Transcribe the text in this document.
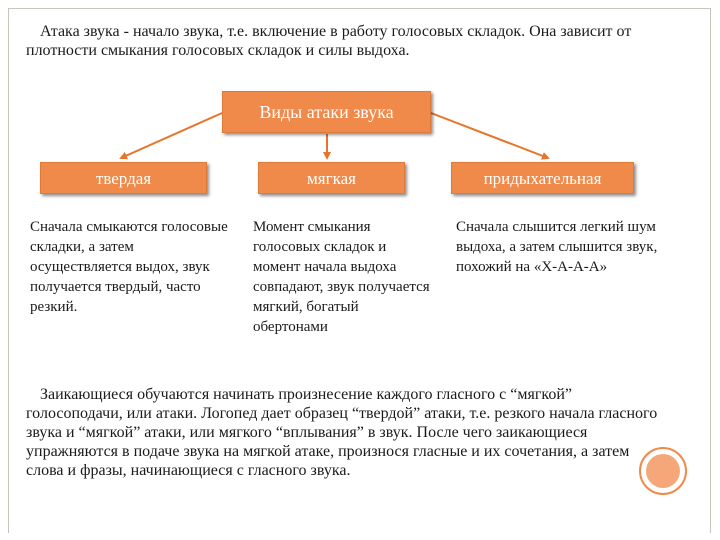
Атака звука - начало звука, т.е. включение в работу голосовых складок. Она зависит от плотности смыкания голосовых складок и силы выдоха.

Виды атаки звука
твердая	мягкая	придыхательная

Сначала смыкаются голосовые складки, а затем осуществляется выдох, звук получается твердый, часто резкий.

Момент смыкания голосовых складок и момент начала выдоха совпадают, звук получается мягкий, богатый обертонами

Сначала слышится легкий шум выдоха, а затем слышится звук, похожий на «Х-А-А-А»

Заикающиеся обучаются начинать произнесение каждого гласного с “мягкой” голосоподачи, или атаки. Логопед дает образец “твердой” атаки, т.е. резкого начала гласного звука и “мягкой” атаки, или мягкого “вплывания” в звук. После чего заикающиеся упражняются в подаче звука на мягкой атаке, произнося гласные и их сочетания, а затем слова и фразы, начинающиеся с гласного звука.
